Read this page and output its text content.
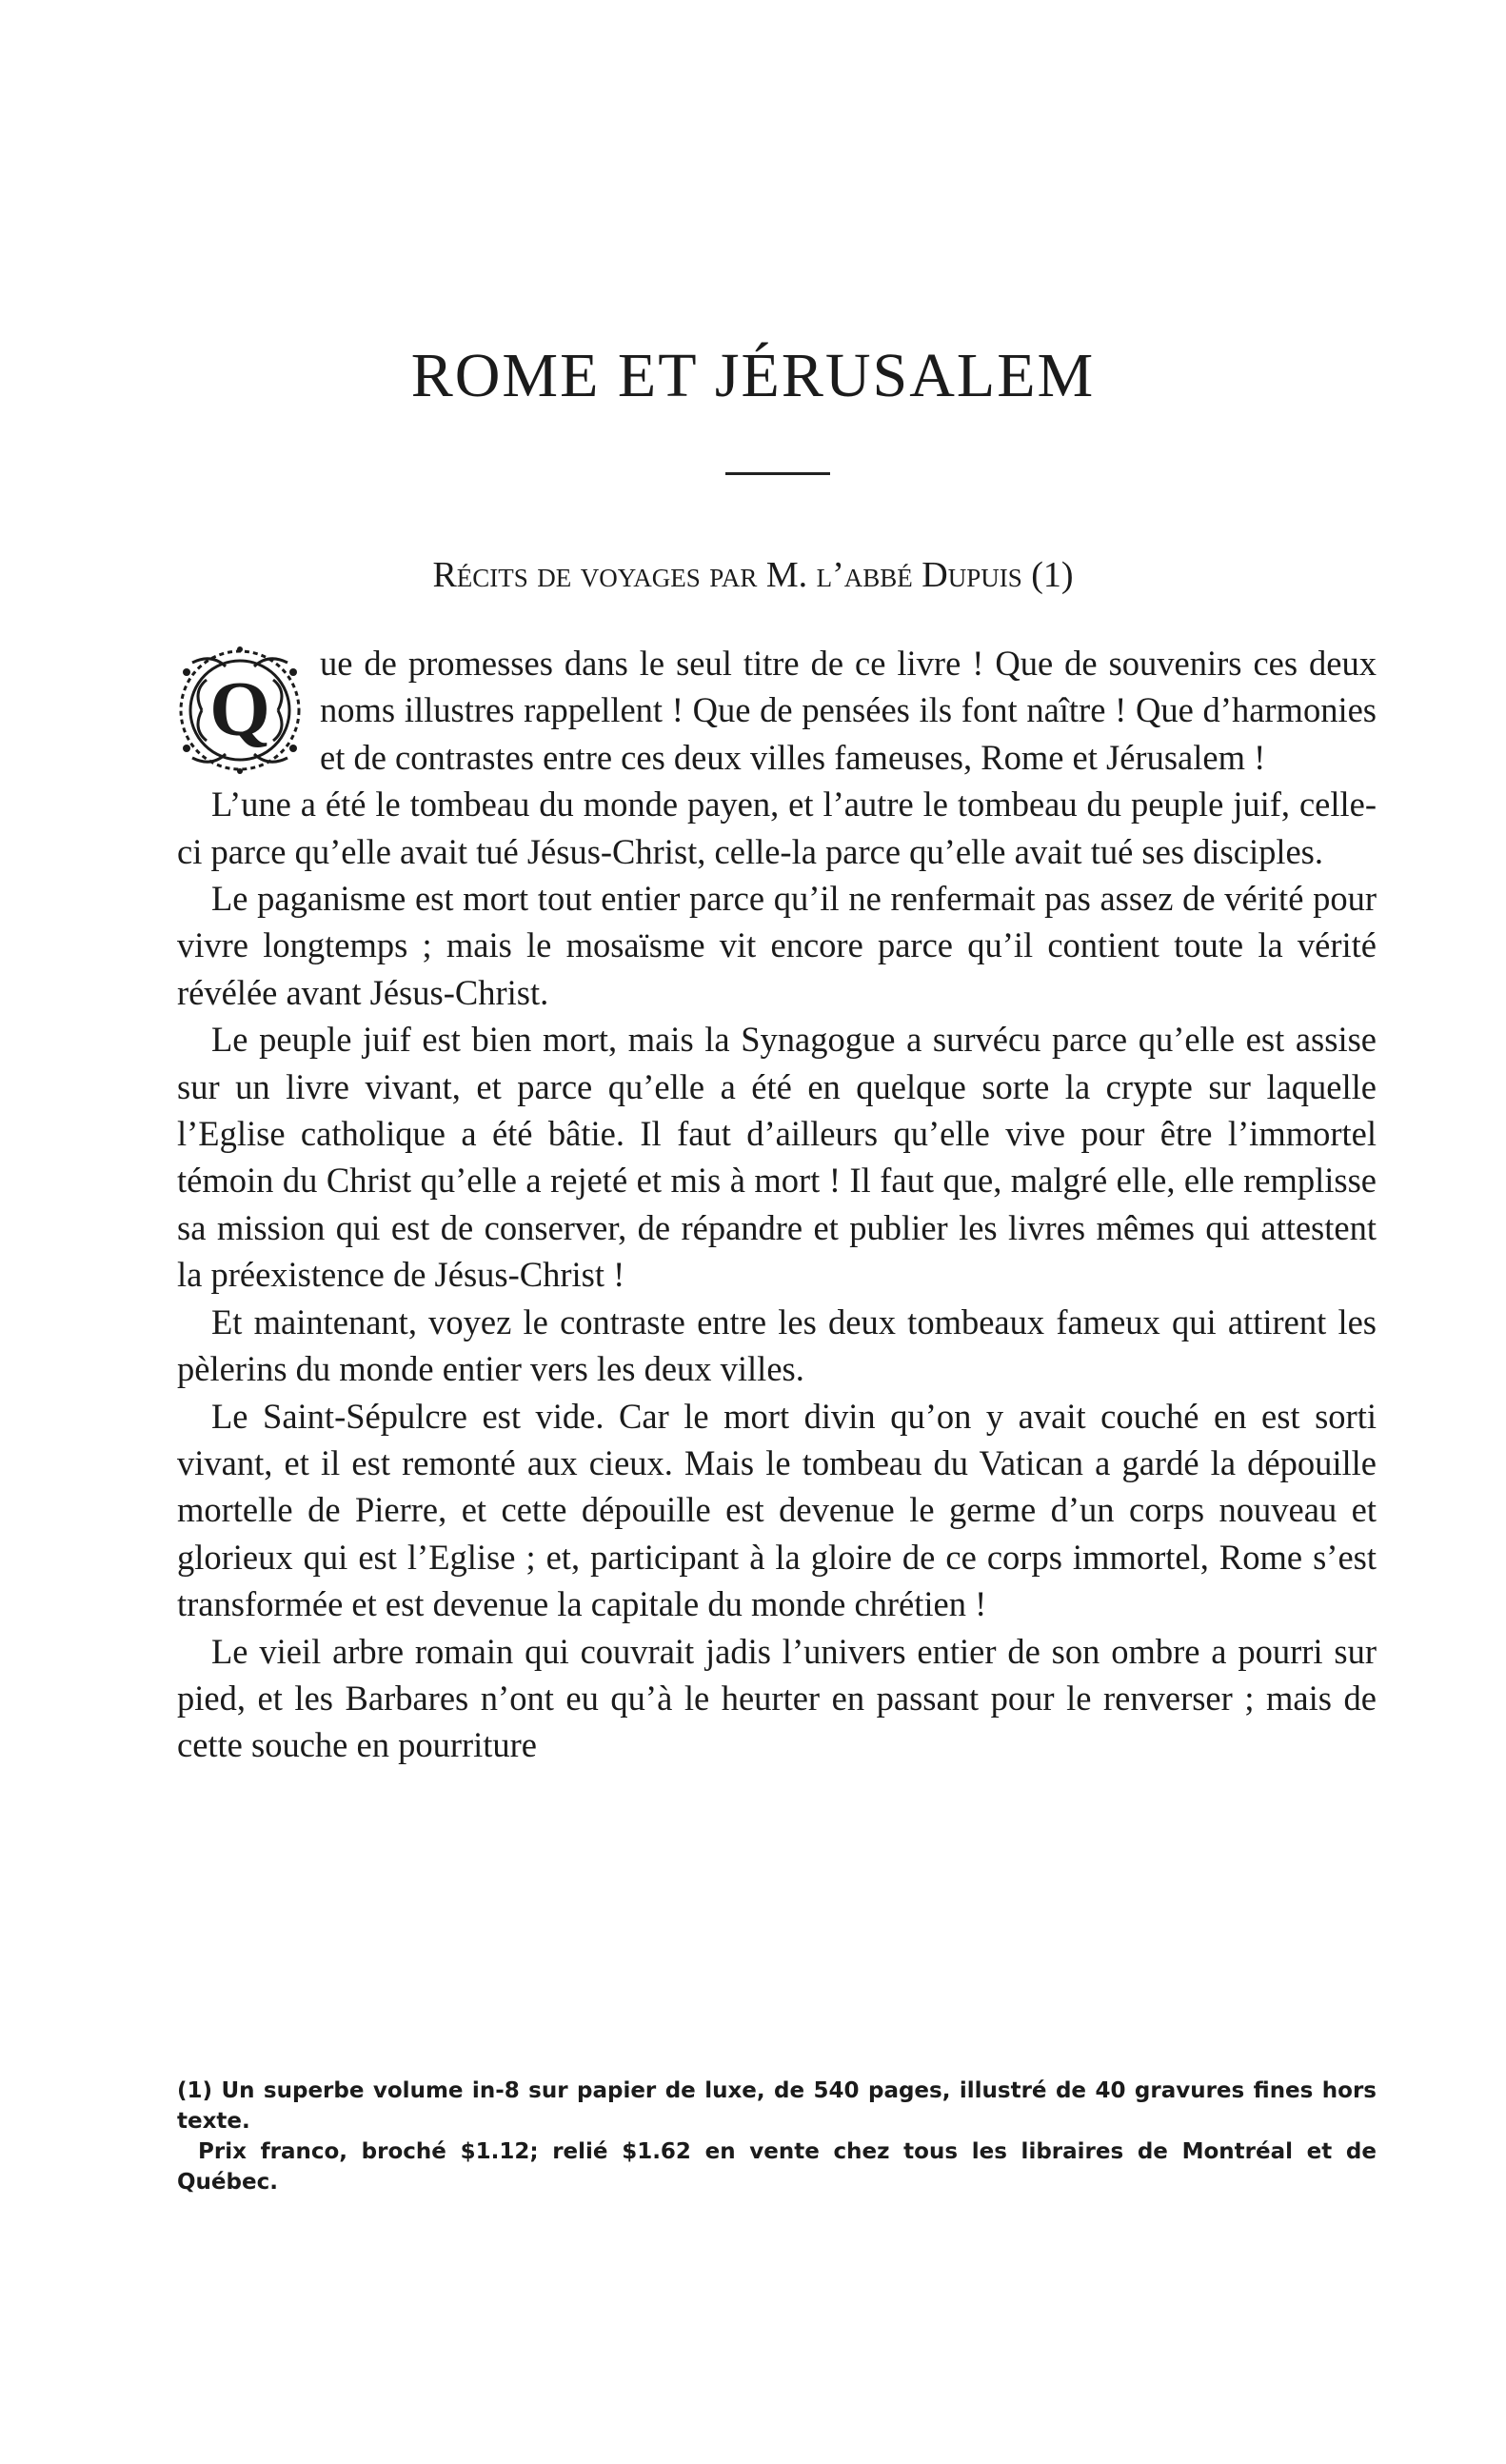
ROME ET JÉRUSALEM

Récits de voyages par M. l’abbé Dupuis (1)

Q
ue de promesses dans le seul titre de ce livre ! Que de souvenirs ces deux noms illustres rappellent ! Que de pensées ils font naître ! Que d’harmonies et de contrastes entre ces deux villes fameuses, Rome et Jérusalem !

L’une a été le tombeau du monde payen, et l’autre le tombeau du peuple juif, celle-ci parce qu’elle avait tué Jésus-Christ, celle-la parce qu’elle avait tué ses disciples.

Le paganisme est mort tout entier parce qu’il ne renfermait pas assez de vérité pour vivre longtemps ; mais le mosaïsme vit encore parce qu’il contient toute la vérité révélée avant Jésus-Christ.

Le peuple juif est bien mort, mais la Synagogue a survécu parce qu’elle est assise sur un livre vivant, et parce qu’elle a été en quelque sorte la crypte sur laquelle l’Eglise catholique a été bâtie. Il faut d’ailleurs qu’elle vive pour être l’immortel témoin du Christ qu’elle a rejeté et mis à mort ! Il faut que, malgré elle, elle remplisse sa mission qui est de conserver, de répandre et publier les livres mêmes qui attestent la préexistence de Jésus-Christ !

Et maintenant, voyez le contraste entre les deux tombeaux fameux qui attirent les pèlerins du monde entier vers les deux villes.

Le Saint-Sépulcre est vide. Car le mort divin qu’on y avait couché en est sorti vivant, et il est remonté aux cieux. Mais le tombeau du Vatican a gardé la dépouille mortelle de Pierre, et cette dépouille est devenue le germe d’un corps nouveau et glorieux qui est l’Eglise ; et, participant à la gloire de ce corps immortel, Rome s’est transformée et est devenue la capitale du monde chrétien !

Le vieil arbre romain qui couvrait jadis l’univers entier de son ombre a pourri sur pied, et les Barbares n’ont eu qu’à le heurter en passant pour le renverser ; mais de cette souche en pourriture

(1) Un superbe volume in-8 sur papier de luxe, de 540 pages, illustré de 40 gravures fines hors texte.

Prix franco, broché $1.12; relié $1.62 en vente chez tous les libraires de Montréal et de Québec.
